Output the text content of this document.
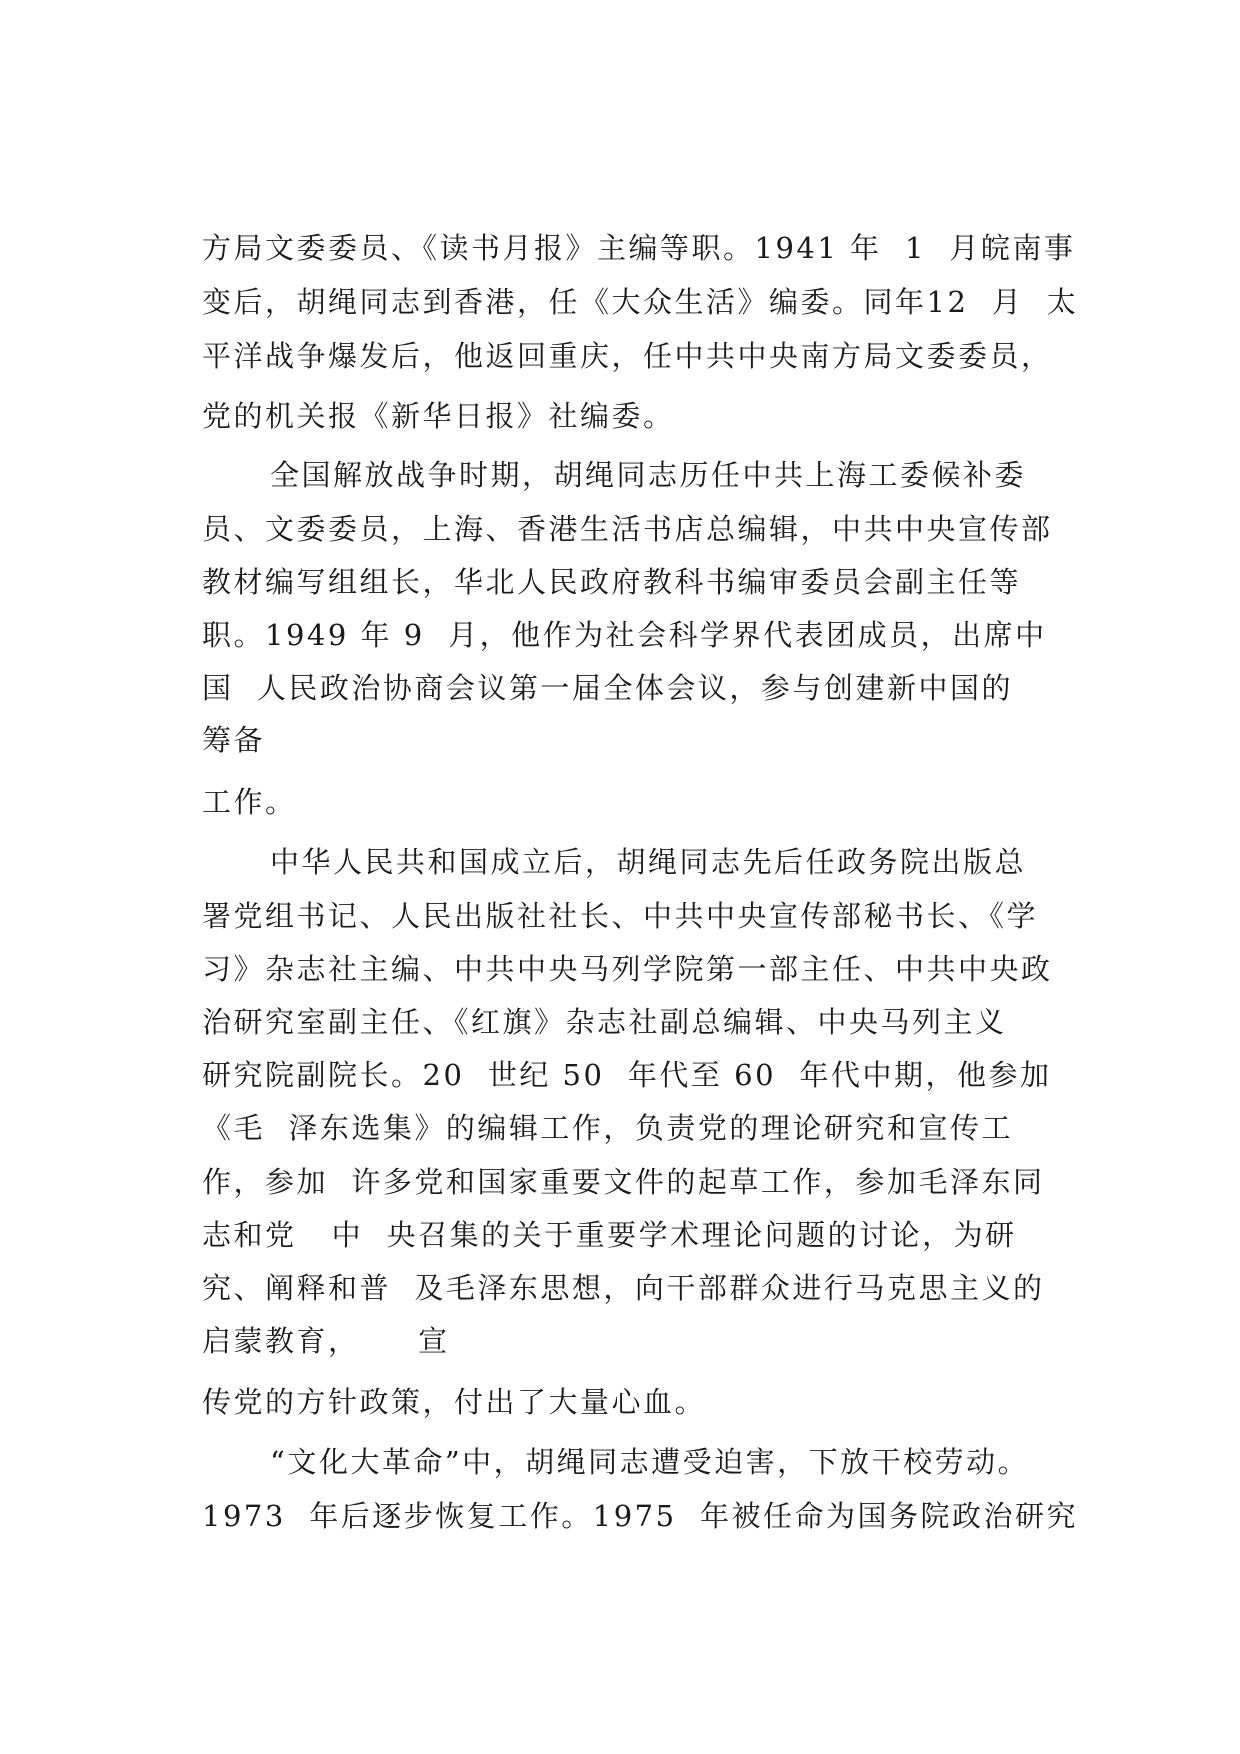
方局文委委员、《读书月报》主编等职。1941 年  1  月皖南事
变后，胡绳同志到香港，任《大众生活》编委。同年12  月  太
平洋战争爆发后，他返回重庆，任中共中央南方局文委委员，
党的机关报《新华日报》社编委。
全国解放战争时期，胡绳同志历任中共上海工委候补委
员、文委委员，上海、香港生活书店总编辑，中共中央宣传部
教材编写组组长，华北人民政府教科书编审委员会副主任等
职。1949 年 9  月，他作为社会科学界代表团成员，出席中
国  人民政治协商会议第一届全体会议，参与创建新中国的
筹备
工作。
中华人民共和国成立后，胡绳同志先后任政务院出版总
署党组书记、人民出版社社长、中共中央宣传部秘书长、《学
习》杂志社主编、中共中央马列学院第一部主任、中共中央政
治研究室副主任、《红旗》杂志社副总编辑、中央马列主义
研究院副院长。20  世纪 50  年代至 60  年代中期，他参加
《毛  泽东选集》的编辑工作，负责党的理论研究和宣传工
作，参加  许多党和国家重要文件的起草工作，参加毛泽东同
志和党   中  央召集的关于重要学术理论问题的讨论，为研
究、阐释和普  及毛泽东思想，向干部群众进行马克思主义的
启蒙教育，     宣
传党的方针政策，付出了大量心血。
“文化大革命”中，胡绳同志遭受迫害，下放干校劳动。
1973  年后逐步恢复工作。1975  年被任命为国务院政治研究
